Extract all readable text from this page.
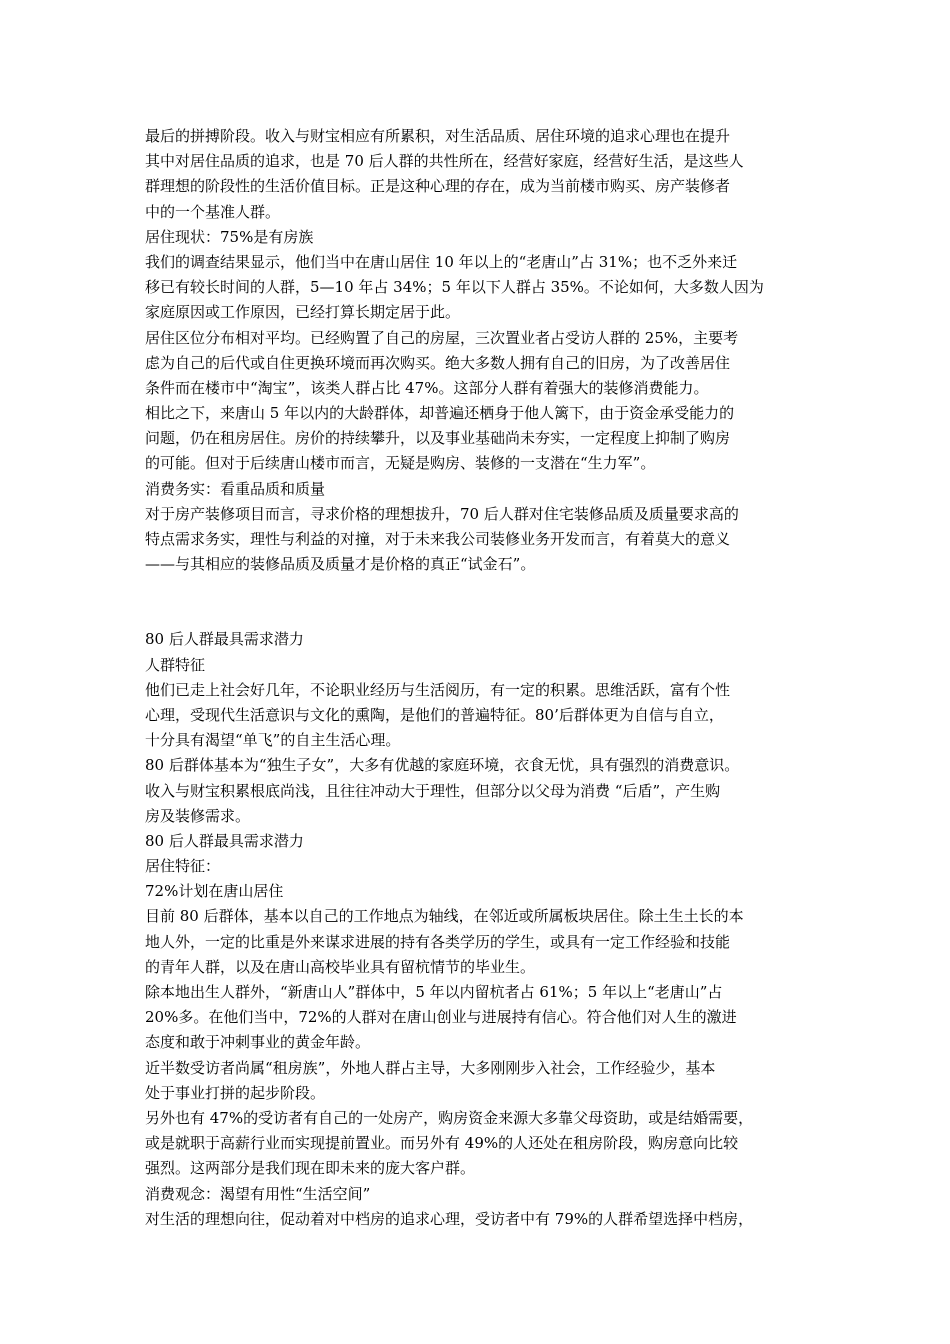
最后的拼搏阶段。收入与财宝相应有所累积，对生活品质、居住环境的追求心理也在提升
其中对居住品质的追求，也是 70 后人群的共性所在，经营好家庭，经营好生活，是这些人
群理想的阶段性的生活价值目标。正是这种心理的存在，成为当前楼市购买、房产装修者
中的一个基准人群。
居住现状：75%是有房族
我们的调查结果显示，他们当中在唐山居住 10 年以上的“老唐山”占 31%；也不乏外来迁
移已有较长时间的人群，5—10 年占 34%；5 年以下人群占 35%。不论如何，大多数人因为
家庭原因或工作原因，已经打算长期定居于此。
居住区位分布相对平均。已经购置了自己的房屋，三次置业者占受访人群的 25%，主要考
虑为自己的后代或自住更换环境而再次购买。绝大多数人拥有自己的旧房，为了改善居住
条件而在楼市中“淘宝”，该类人群占比 47%。这部分人群有着强大的装修消费能力。
相比之下，来唐山 5 年以内的大龄群体，却普遍还栖身于他人篱下，由于资金承受能力的
问题，仍在租房居住。房价的持续攀升，以及事业基础尚未夯实，一定程度上抑制了购房
的可能。但对于后续唐山楼市而言，无疑是购房、装修的一支潜在“生力军”。
消费务实：看重品质和质量
对于房产装修项目而言，寻求价格的理想拔升，70 后人群对住宅装修品质及质量要求高的
特点需求务实，理性与利益的对撞，对于未来我公司装修业务开发而言，有着莫大的意义
——与其相应的装修品质及质量才是价格的真正“试金石”。
80 后人群最具需求潜力
人群特征
他们已走上社会好几年，不论职业经历与生活阅历，有一定的积累。思维活跃，富有个性
心理，受现代生活意识与文化的熏陶，是他们的普遍特征。80’后群体更为自信与自立，
十分具有渴望“单飞”的自主生活心理。
80 后群体基本为“独生子女”，大多有优越的家庭环境，衣食无忧，具有强烈的消费意识。
收入与财宝积累根底尚浅，且往往冲动大于理性，但部分以父母为消费 “后盾”，产生购
房及装修需求。
80 后人群最具需求潜力
居住特征：
72%计划在唐山居住
目前 80 后群体，基本以自己的工作地点为轴线，在邻近或所属板块居住。除土生土长的本
地人外，一定的比重是外来谋求进展的持有各类学历的学生，或具有一定工作经验和技能
的青年人群，以及在唐山高校毕业具有留杭情节的毕业生。
除本地出生人群外，“新唐山人”群体中，5 年以内留杭者占 61%；5 年以上“老唐山”占
20%多。在他们当中，72%的人群对在唐山创业与进展持有信心。符合他们对人生的激进
态度和敢于冲刺事业的黄金年龄。
近半数受访者尚属“租房族”，外地人群占主导，大多刚刚步入社会，工作经验少，基本
处于事业打拼的起步阶段。
另外也有 47%的受访者有自己的一处房产，购房资金来源大多靠父母资助，或是结婚需要，
或是就职于高薪行业而实现提前置业。而另外有 49%的人还处在租房阶段，购房意向比较
强烈。这两部分是我们现在即未来的庞大客户群。
消费观念：渴望有用性“生活空间”
对生活的理想向往，促动着对中档房的追求心理，受访者中有 79%的人群希望选择中档房，
